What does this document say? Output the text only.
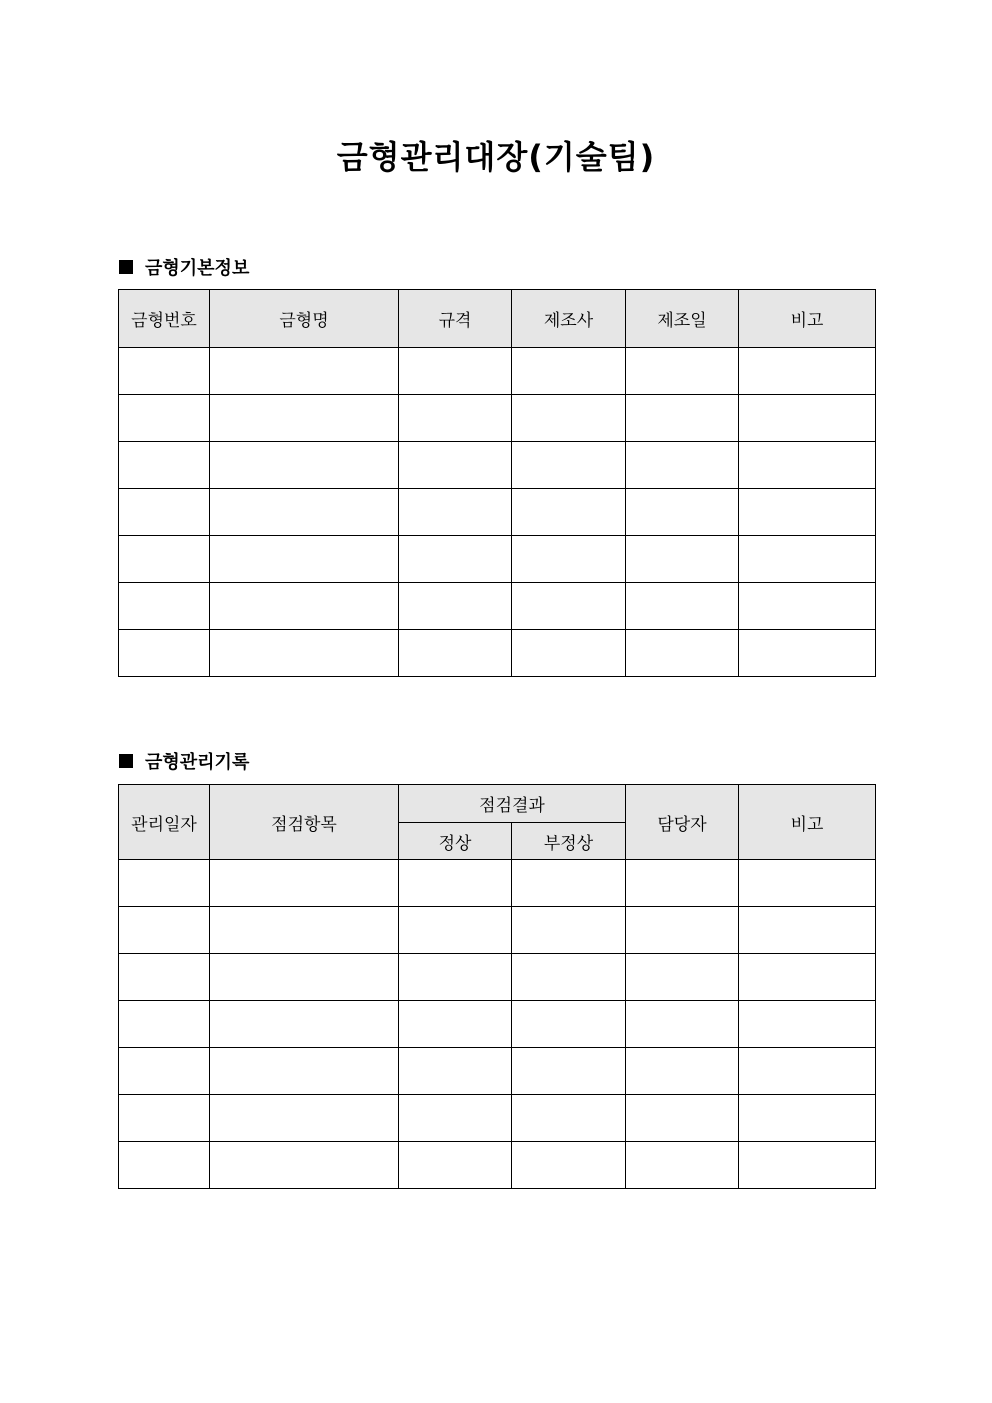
금형관리대장(기술팀)
금형기본정보
금형번호	금형명	규격	제조사	제조일	비고

금형관리기록
관리일자	점검항목	점검결과		담당자	비고
		정상	부정상		
